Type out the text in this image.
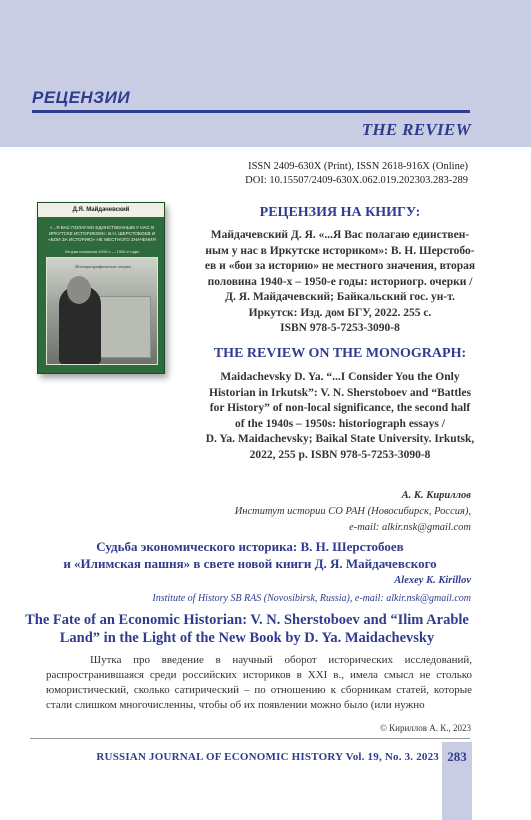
РЕЦЕНЗИИ
THE REVIEW
ISSN 2409-630X (Print), ISSN 2618-916X (Online)
DOI: 10.15507/2409-630X.062.019.202303.283-289
Д.Я. Майдачевский
«...Я ВАС ПОЛАГАЮ ЕДИНСТВЕННЫМ У НАС В ИРКУТСКЕ ИСТОРИКОМ»: В.Н. ШЕРСТОБОЕВ И «БОИ ЗА ИСТОРИЮ» НЕ МЕСТНОГО ЗНАЧЕНИЯ
Вторая половина 1940-х — 1950-е годы
Историографические очерки
РЕЦЕНЗИЯ НА КНИГУ:
Майдачевский Д. Я. «...Я Вас полагаю единствен-
ным у нас в Иркутске историком»: В. Н. Шерстобо-
ев и «бои за историю» не местного значения, вторая
половина 1940-х – 1950-е годы: историогр. очерки /
Д. Я. Майдачевский; Байкальский гос. ун-т.
Иркутск: Изд. дом БГУ, 2022. 255 с.
ISBN 978-5-7253-3090-8
THE REVIEW ON THE MONOGRAPH:
Maidachevsky D. Ya. “...I Consider You the Only
Historian in Irkutsk”: V. N. Sherstoboev and “Battles
for History” of non-local significance, the second half
of the 1940s – 1950s: historiograph essays /
D. Ya. Maidachevsky; Baikal State University. Irkutsk,
2022, 255 p. ISBN 978-5-7253-3090-8
А. К. Кириллов
Институт истории СО РАН (Новосибирск, Россия),
e-mail: alkir.nsk@gmail.com
Судьба экономического историка: В. Н. Шерстобоев
и «Илимская пашня» в свете новой книги Д. Я. Майдачевского
Alexey K. Kirillov
Institute of History SB RAS (Novosibirsk, Russia), e-mail: alkir.nsk@gmail.com
The Fate of an Economic Historian: V. N. Sherstoboev and “Ilim Arable
Land” in the Light of the New Book by D. Ya. Maidachevsky
Шутка про введение в научный оборот исторических исследований, распространившаяся среди российских историков в XXI в., имела смысл не столько юмористический, сколько сатирический – по отношению к сборникам статей, которые стали слишком многочисленны, чтобы об их появлении можно было (или нужно
© Кириллов А. К., 2023
RUSSIAN JOURNAL OF ECONOMIC HISTORY Vol. 19, No. 3. 2023 283
